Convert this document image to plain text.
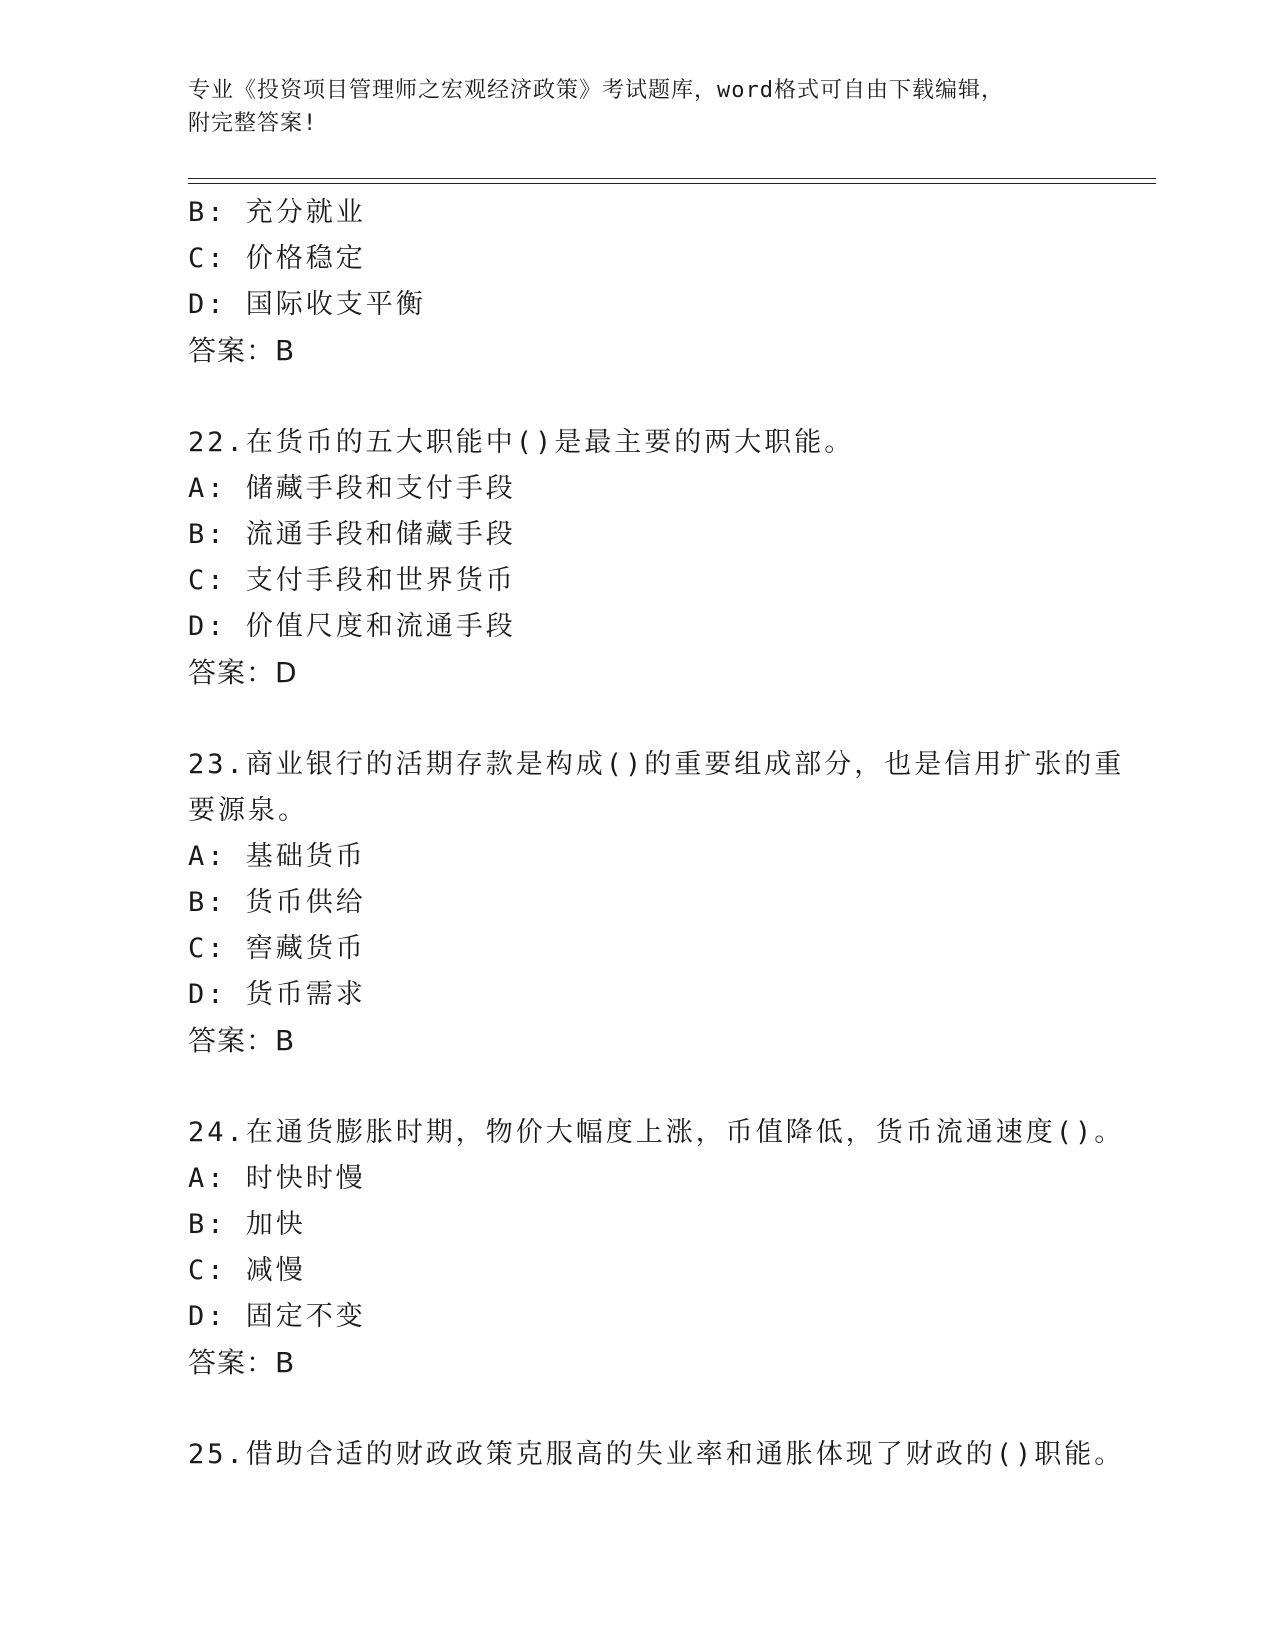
专业《投资项目管理师之宏观经济政策》考试题库，word格式可自由下载编辑，
附完整答案!
B: 充分就业
C: 价格稳定
D: 国际收支平衡
答案：B
22.在货币的五大职能中()是最主要的两大职能。
A: 储藏手段和支付手段
B: 流通手段和储藏手段
C: 支付手段和世界货币
D: 价值尺度和流通手段
答案：D
23.商业银行的活期存款是构成()的重要组成部分，也是信用扩张的重
要源泉。
A: 基础货币
B: 货币供给
C: 窖藏货币
D: 货币需求
答案：B
24.在通货膨胀时期，物价大幅度上涨，币值降低，货币流通速度()。
A: 时快时慢
B: 加快
C: 减慢
D: 固定不变
答案：B
25.借助合适的财政政策克服高的失业率和通胀体现了财政的()职能。
